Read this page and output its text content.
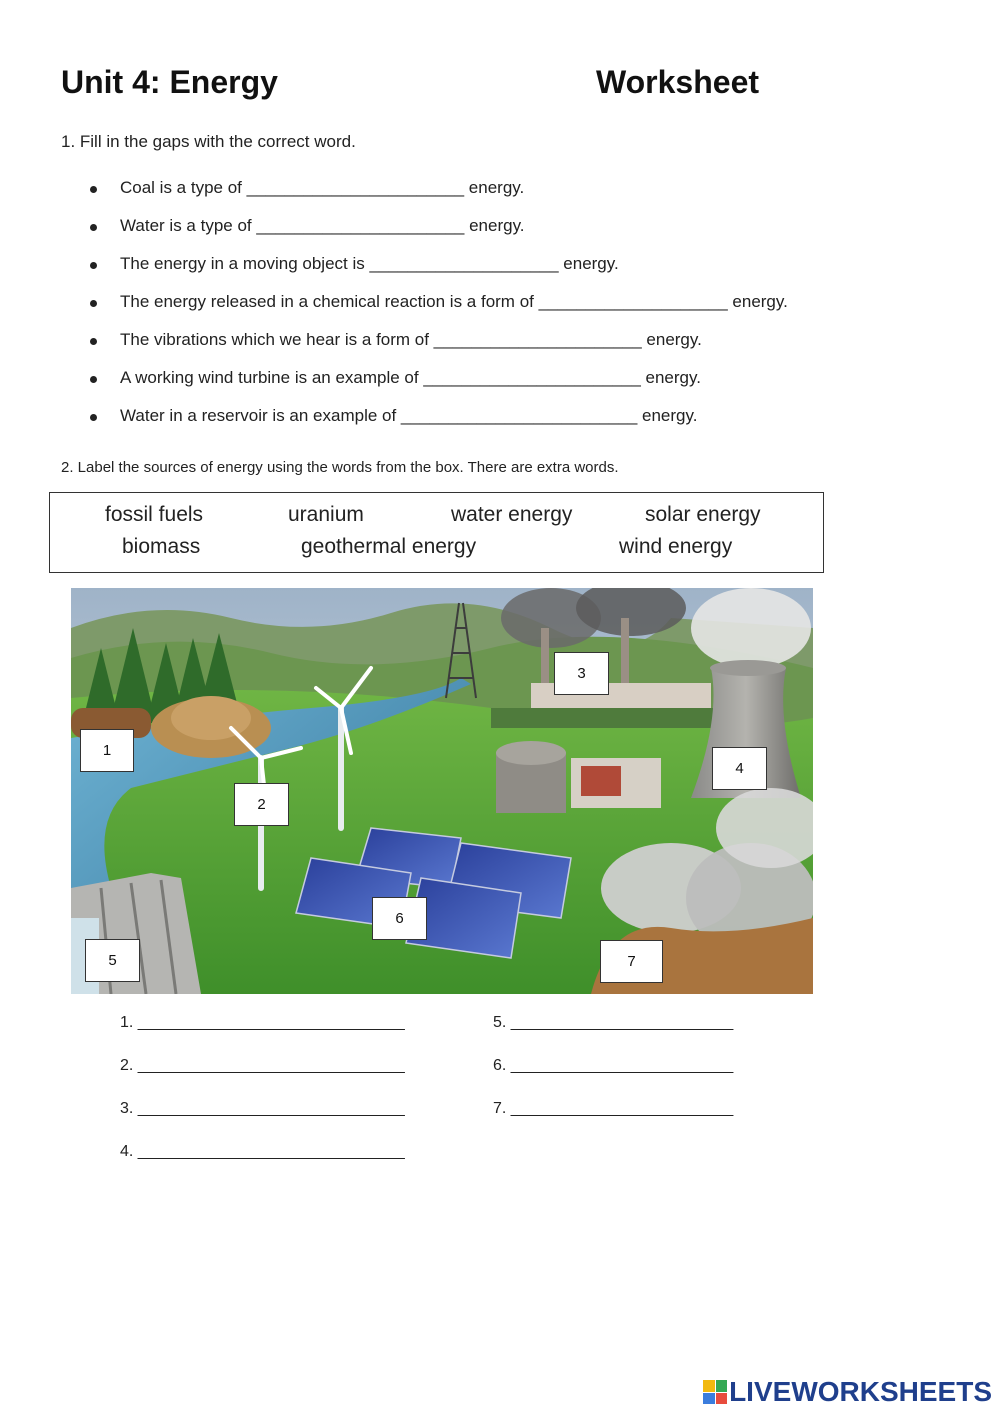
Unit 4: Energy	Worksheet
1. Fill in the gaps with the correct word.
Coal is a type of _______________________ energy.
Water is a type of ______________________ energy.
The energy in a moving object is ____________________ energy.
The energy released in a chemical reaction is a form of ____________________ energy.
The vibrations which we hear is a form of ______________________ energy.
A working wind turbine is an example of _______________________ energy.
Water in a reservoir is an example of _________________________ energy.
2. Label the sources of energy using the words from the box. There are extra words.
fossil fuels	uranium	water energy	solar energy
biomass	geothermal energy	wind energy
1
2
3
4
5
6
7
1. ______________________________
2. ______________________________
3. ______________________________
4. ______________________________
5. _________________________
6. _________________________
7. _________________________
LIVEWORKSHEETS
